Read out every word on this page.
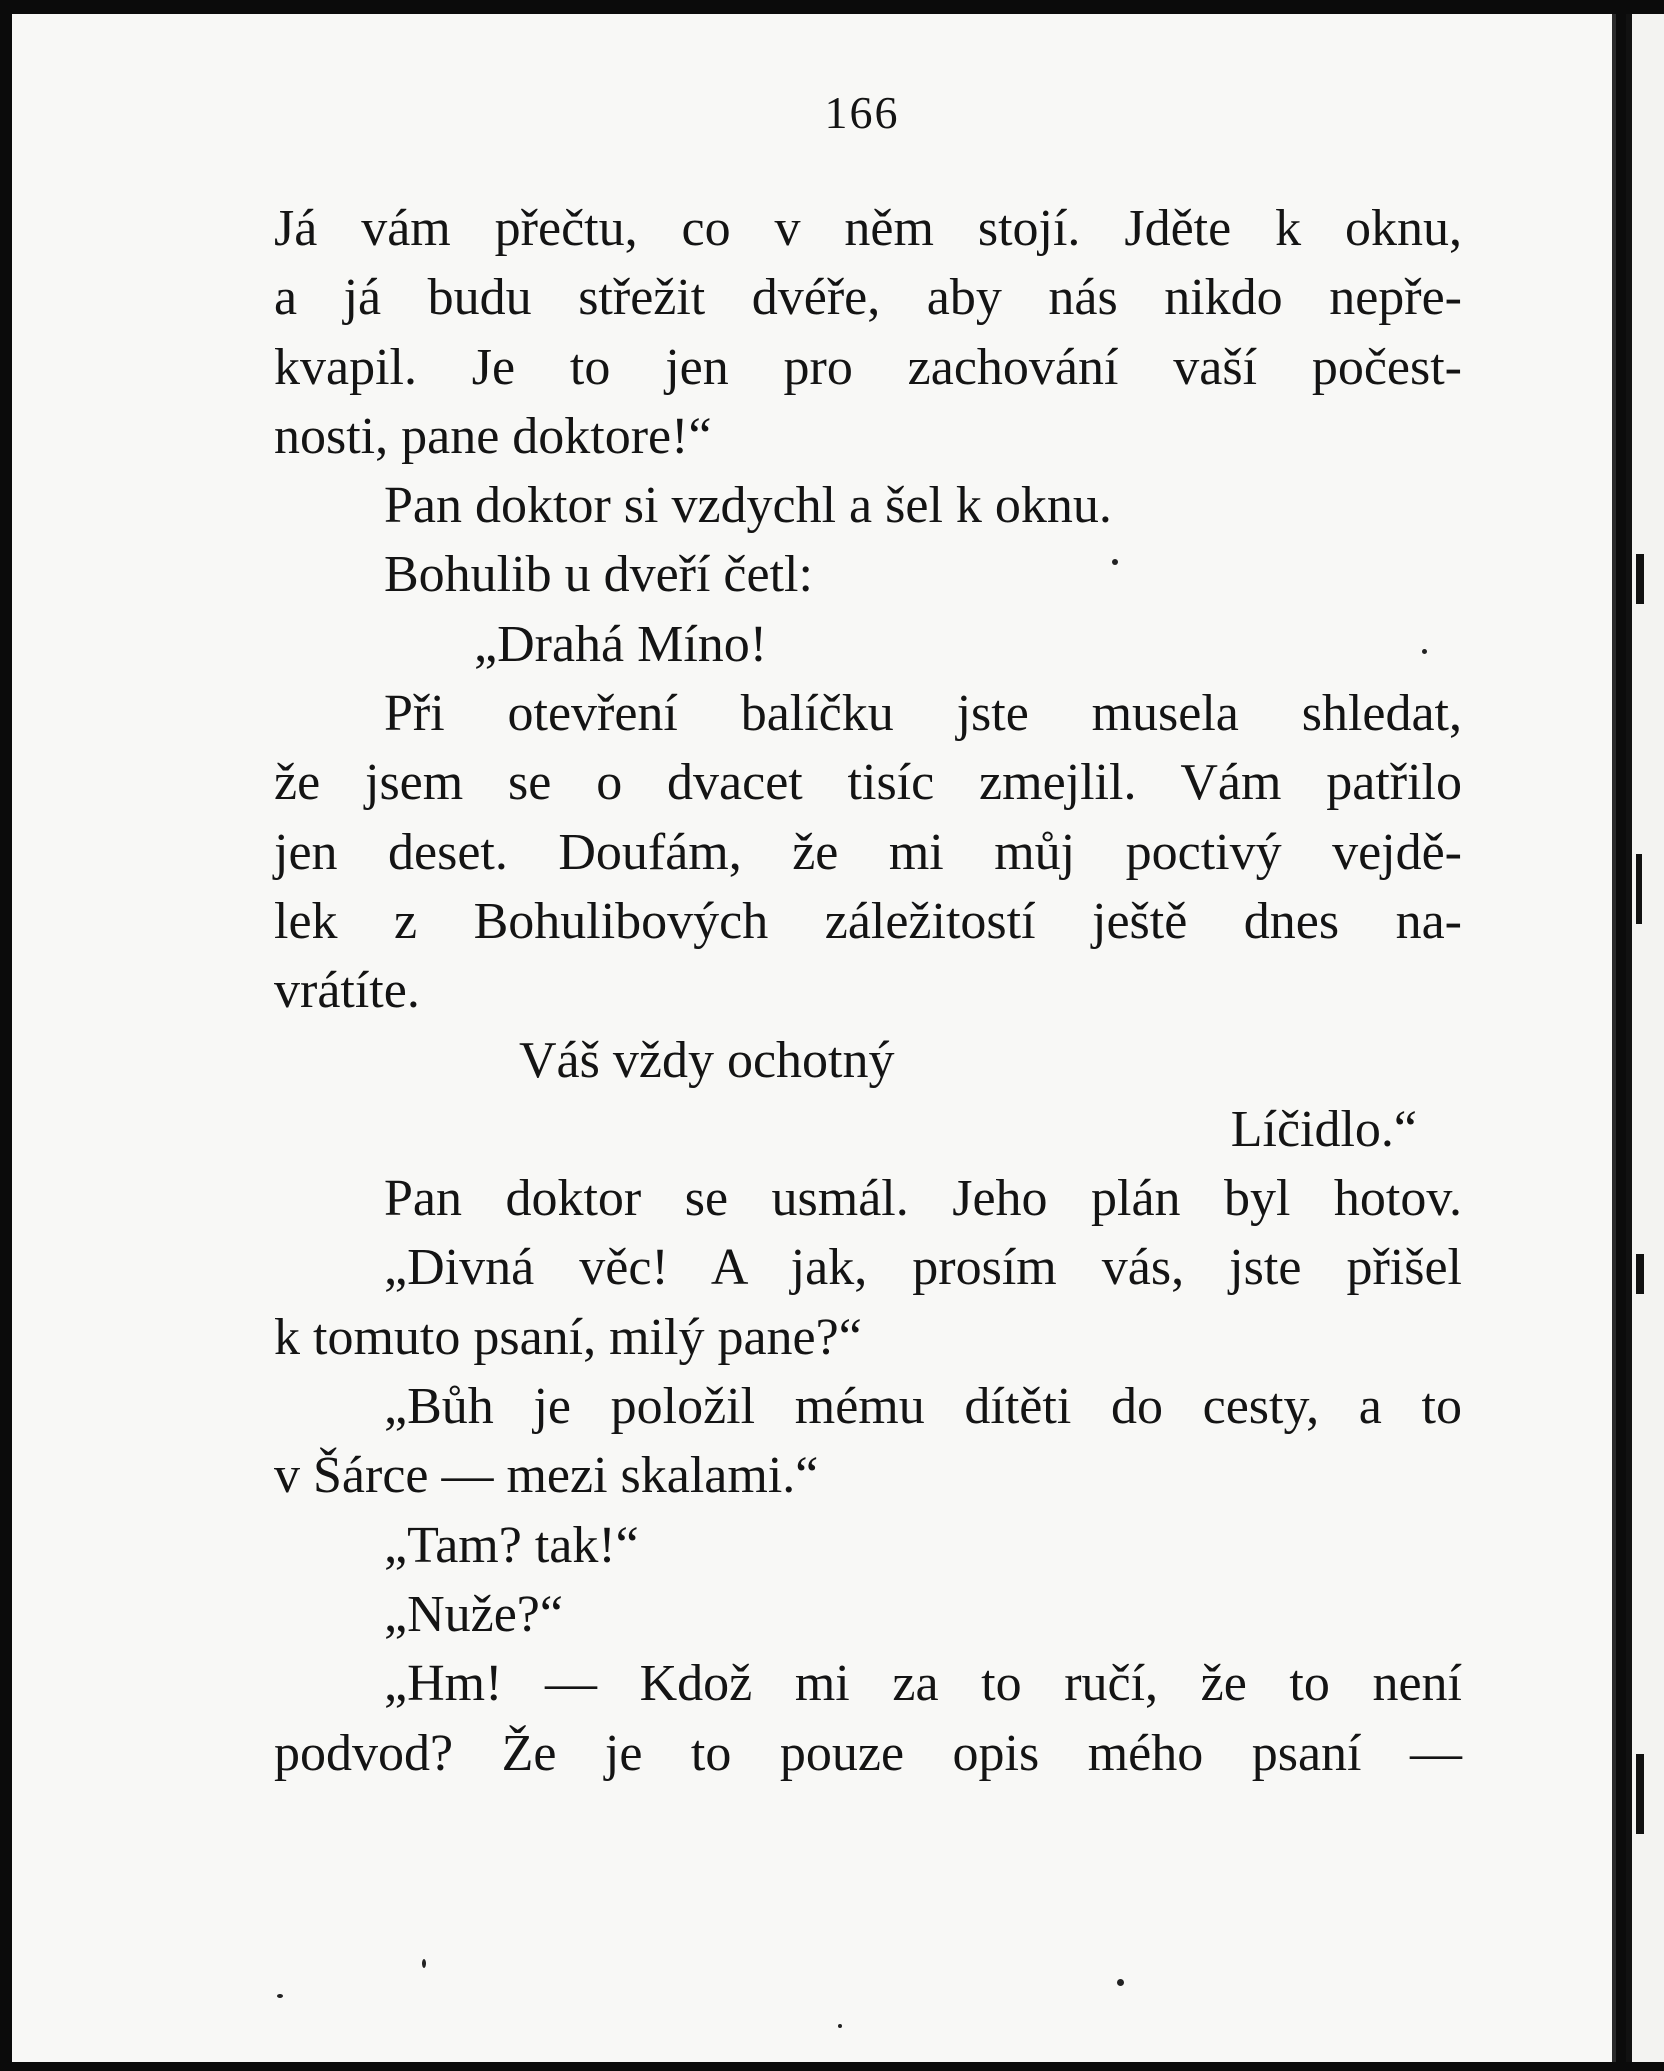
166
Já vám přečtu, co v něm stojí. Jděte k oknu,
a já budu střežit dvéře, aby nás nikdo nepře-
kvapil. Je to jen pro zachování vaší počest-
nosti, pane doktore!“
Pan doktor si vzdychl a šel k oknu.
Bohulib u dveří četl:
„Drahá Míno!
Při otevření balíčku jste musela shledat,
že jsem se o dvacet tisíc zmejlil. Vám patřilo
jen deset. Doufám, že mi můj poctivý vejdě-
lek z Bohulibových záležitostí ještě dnes na-
vrátíte.
Váš vždy ochotný
Líčidlo.“
Pan doktor se usmál. Jeho plán byl hotov.
„Divná věc! A jak, prosím vás, jste přišel
k tomuto psaní, milý pane?“
„Bůh je položil mému dítěti do cesty, a to
v Šárce — mezi skalami.“
„Tam? tak!“
„Nuže?“
„Hm! — Kdož mi za to ručí, že to není
podvod? Že je to pouze opis mého psaní —
